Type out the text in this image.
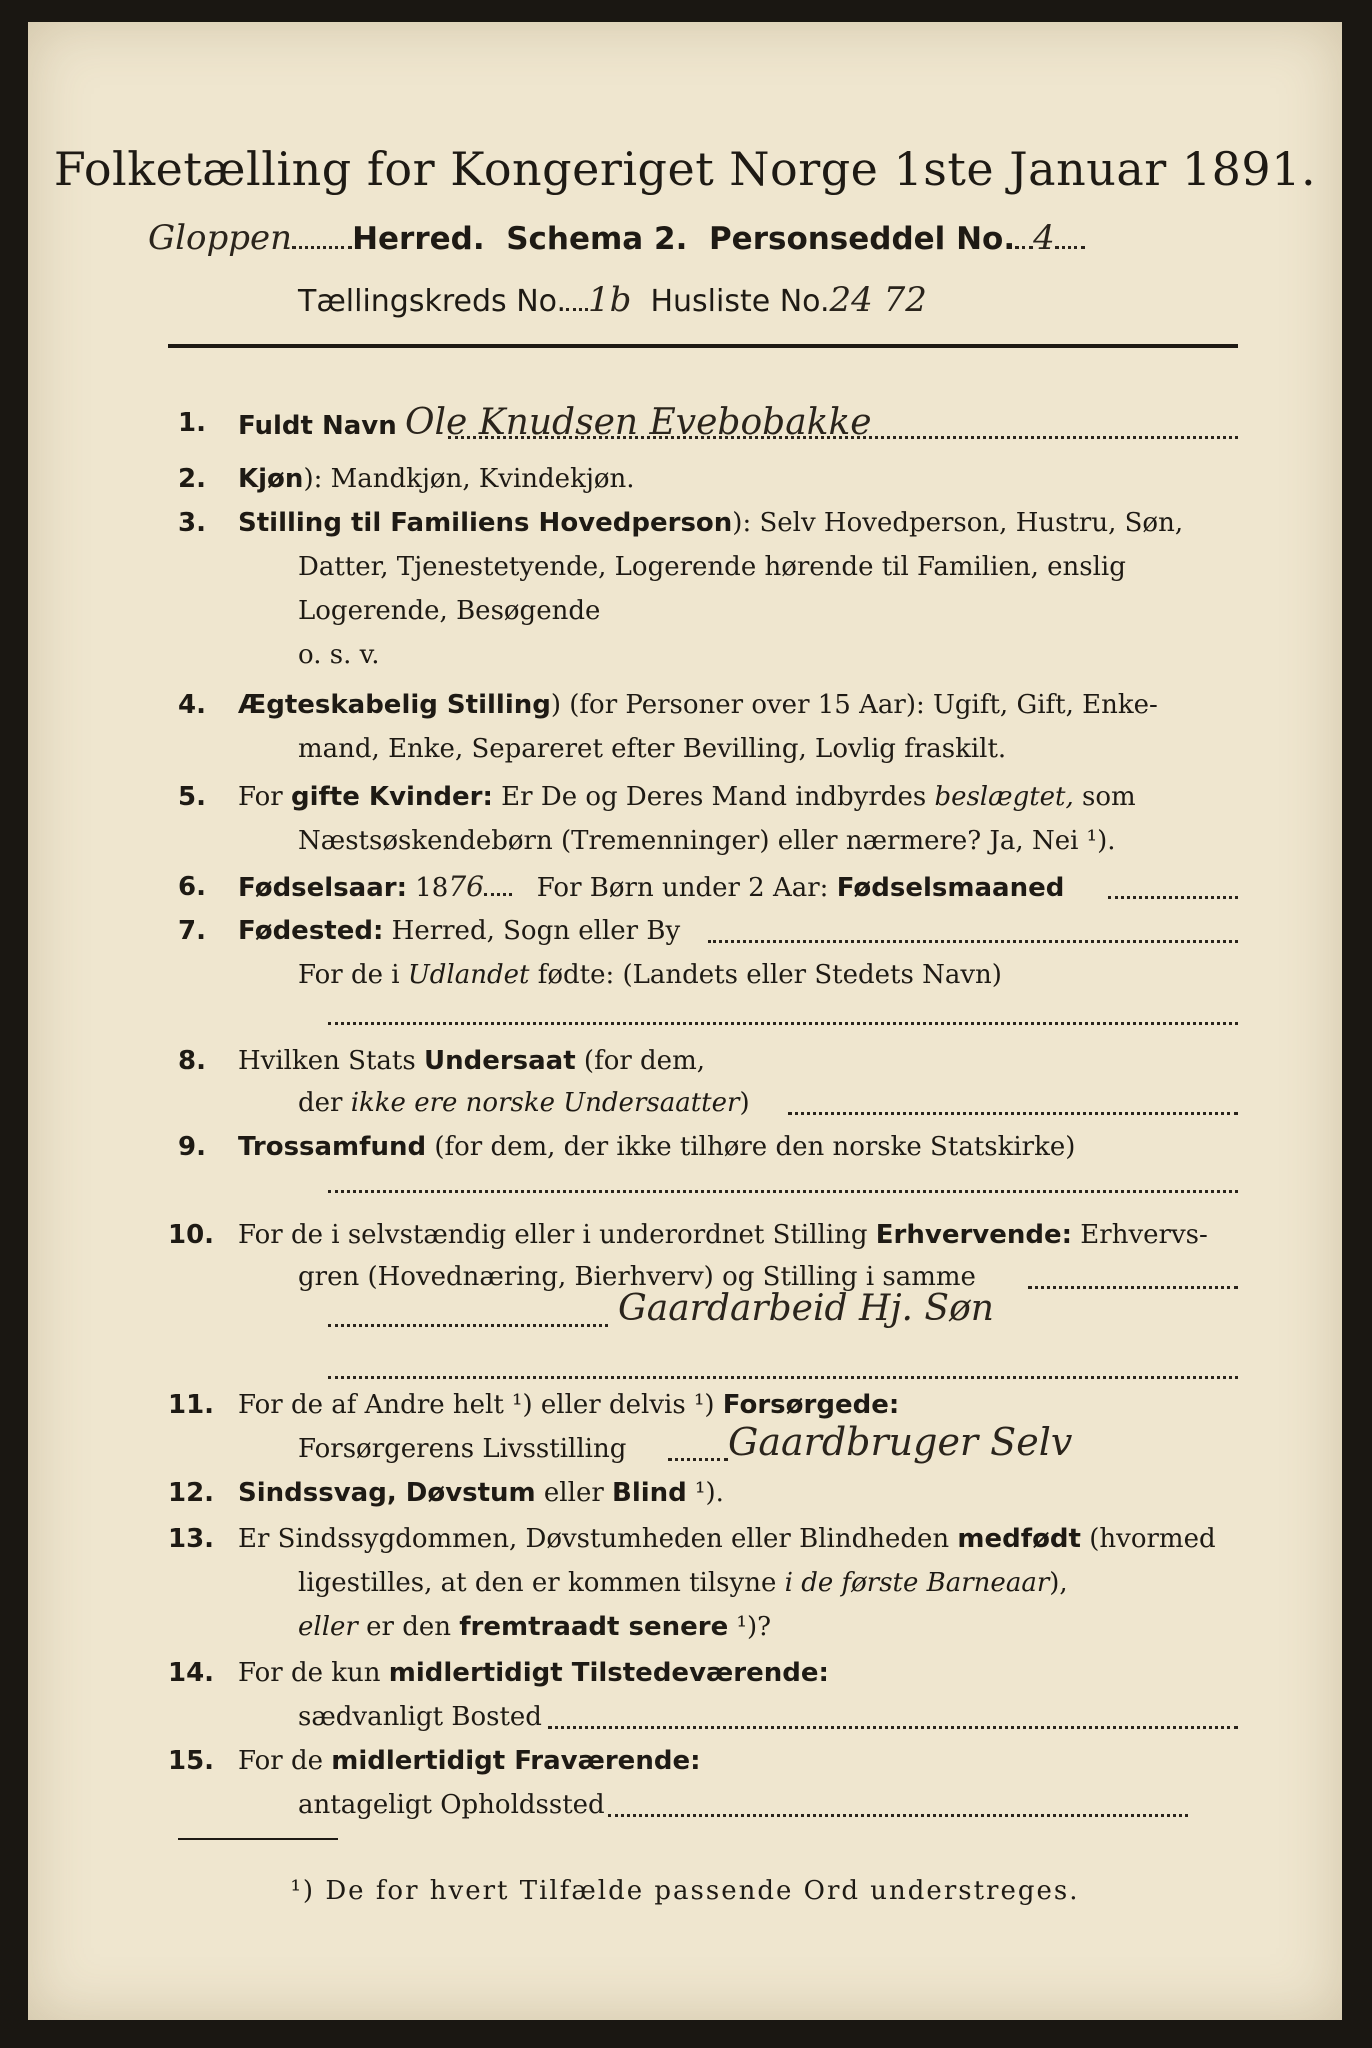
Folketælling for Kongeriget Norge 1ste Januar 1891.
Gloppen Herred. Schema 2. Personseddel No. 4
Tællingskreds No. 1b Husliste No.24 72
1.	Fuldt Navn Ole Knudsen Evebobakke
2.	Kjøn): Mandkjøn, Kvindekjøn.
3.	Stilling til Familiens Hovedperson): Selv Hovedperson, Hustru, Søn,
Datter, Tjenestetyende, Logerende hørende til Familien, enslig
Logerende, Besøgende
o. s. v.
4.	Ægteskabelig Stilling) (for Personer over 15 Aar): Ugift, Gift, Enke-
mand, Enke, Separeret efter Bevilling, Lovlig fraskilt.
5.	For gifte Kvinder: Er De og Deres Mand indbyrdes beslægtet, som
Næstsøskendebørn (Tremenninger) eller nærmere? Ja, Nei ¹).
6.	Fødselsaar: 1876 For Børn under 2 Aar: Fødselsmaaned
7.	Fødested: Herred, Sogn eller By
For de i Udlandet fødte: (Landets eller Stedets Navn)
8.	Hvilken Stats Undersaat (for dem,
der ikke ere norske Undersaatter)
9.	Trossamfund (for dem, der ikke tilhøre den norske Statskirke)
10. For de i selvstændig eller i underordnet Stilling Erhvervende: Erhvervs-
gren (Hovednæring, Bierhverv) og Stilling i samme
Gaardarbeid Hj. Søn
11. For de af Andre helt ¹) eller delvis ¹) Forsørgede:
Forsørgerens Livsstilling	Gaardbruger Selv
12. Sindssvag, Døvstum eller Blind ¹).
13. Er Sindssygdommen, Døvstumheden eller Blindheden medfødt (hvormed
ligestilles, at den er kommen tilsyne i de første Barneaar),
eller er den fremtraadt senere ¹)?
14. For de kun midlertidigt Tilstedeværende:
sædvanligt Bosted
15. For de midlertidigt Fraværende:
antageligt Opholdssted
¹) De for hvert Tilfælde passende Ord understreges.
